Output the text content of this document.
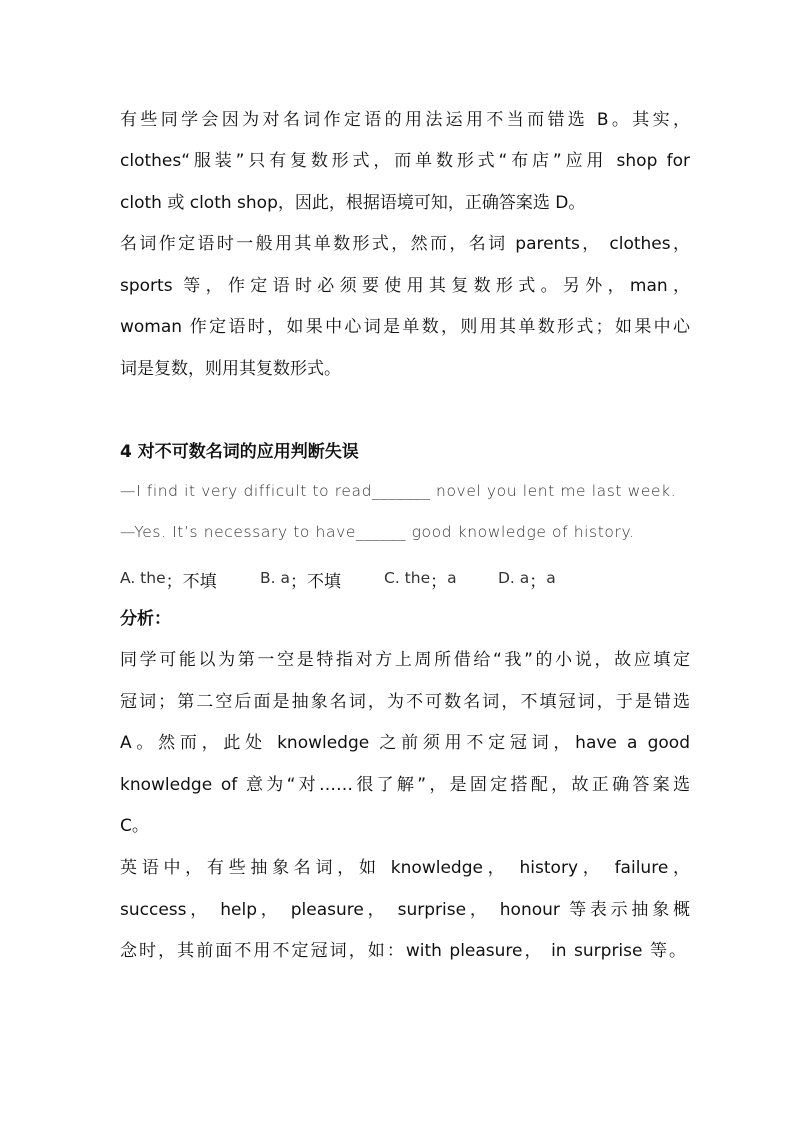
有些同学会因为对名词作定语的用法运用不当而错选 B。其实，
clothes“服装”只有复数形式，而单数形式“布店”应用 shop for
cloth 或 cloth shop，因此，根据语境可知，正确答案选 D。
名词作定语时一般用其单数形式，然而，名词 parents， clothes，
sports 等，作定语时必须要使用其复数形式。另外，man，
woman 作定语时，如果中心词是单数，则用其单数形式；如果中心
词是复数，则用其复数形式。
4 对不可数名词的应用判断失误
—I find it very difficult to read_______ novel you lent me last week.
—Yes. It’s necessary to have______ good knowledge of history.
A. the；不填	B. a；不填	C. the；a	D. a；a
分析：
同学可能以为第一空是特指对方上周所借给“我”的小说，故应填定
冠词；第二空后面是抽象名词，为不可数名词，不填冠词，于是错选
A。然而，此处 knowledge 之前须用不定冠词，have a good
knowledge of 意为“对……很了解”，是固定搭配，故正确答案选
C。
英语中，有些抽象名词，如 knowledge， history， failure，
success， help， pleasure， surprise， honour 等表示抽象概
念时，其前面不用不定冠词，如：with pleasure， in surprise 等。
